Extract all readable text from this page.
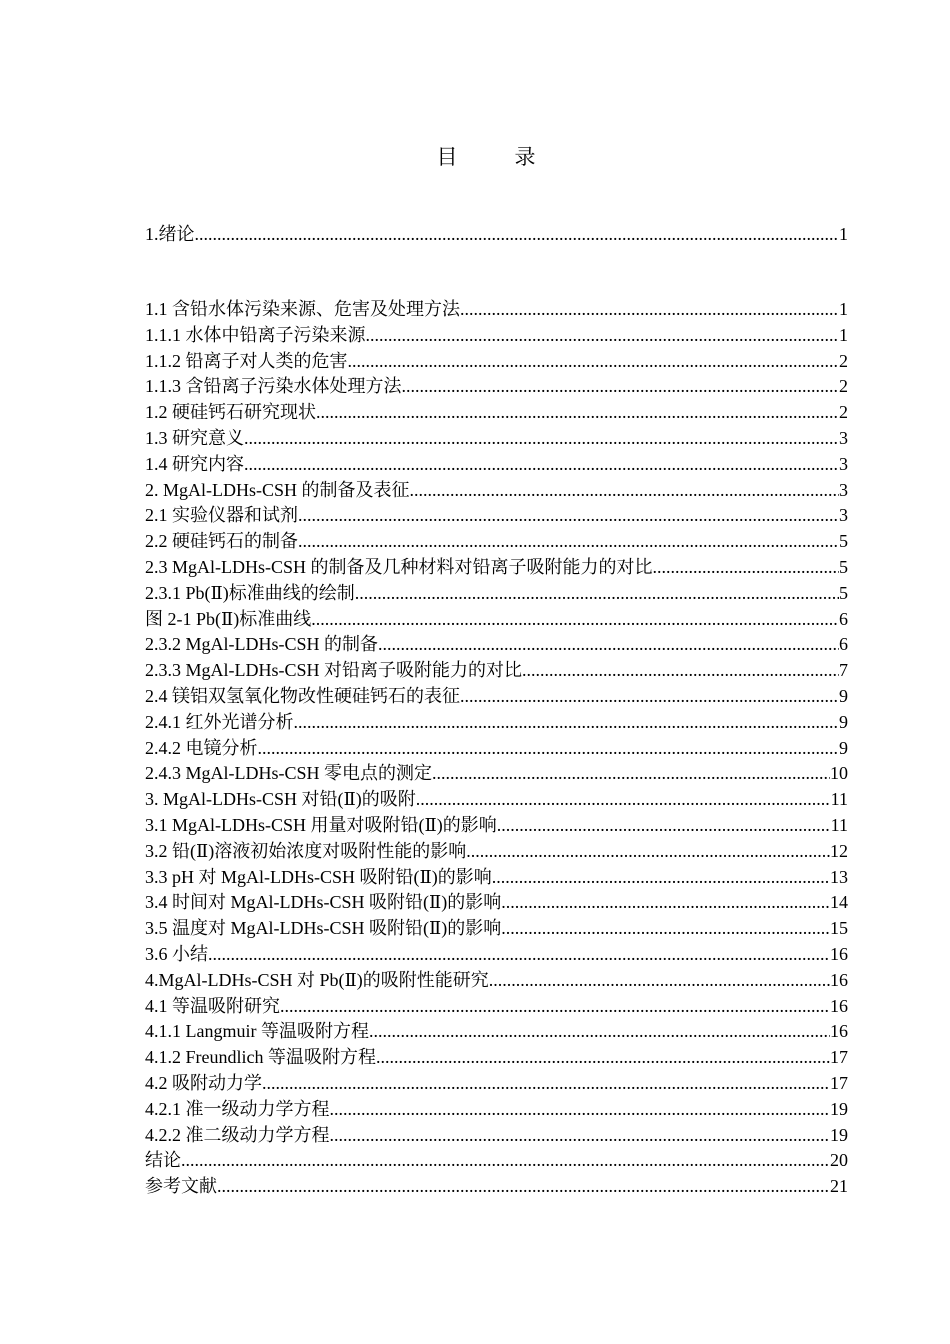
目　录
1.绪论 .....	1
1.1 含铅水体污染来源、危害及处理方法 .....	1
1.1.1 水体中铅离子污染来源 .....	1
1.1.2 铅离子对人类的危害 .....	2
1.1.3 含铅离子污染水体处理方法 .....	2
1.2 硬硅钙石研究现状 .....	2
1.3 研究意义 .....	3
1.4 研究内容 .....	3
2. MgAl-LDHs-CSH 的制备及表征 .....	3
2.1 实验仪器和试剂 .....	3
2.2 硬硅钙石的制备 .....	5
2.3 MgAl-LDHs-CSH 的制备及几种材料对铅离子吸附能力的对比 .....	5
2.3.1 Pb(Ⅱ)标准曲线的绘制 .....	5
图 2-1 Pb(Ⅱ)标准曲线 .....	6
2.3.2 MgAl-LDHs-CSH 的制备 .....	6
2.3.3 MgAl-LDHs-CSH 对铅离子吸附能力的对比 .....	7
2.4 镁铝双氢氧化物改性硬硅钙石的表征 .....	9
2.4.1 红外光谱分析 .....	9
2.4.2 电镜分析 .....	9
2.4.3 MgAl-LDHs-CSH 零电点的测定 .....	10
3. MgAl-LDHs-CSH 对铅(Ⅱ)的吸附 .....	11
3.1 MgAl-LDHs-CSH 用量对吸附铅(Ⅱ)的影响 .....	11
3.2 铅(Ⅱ)溶液初始浓度对吸附性能的影响 .....	12
3.3 pH 对 MgAl-LDHs-CSH 吸附铅(Ⅱ)的影响 .....	13
3.4 时间对 MgAl-LDHs-CSH 吸附铅(Ⅱ)的影响 .....	14
3.5 温度对 MgAl-LDHs-CSH 吸附铅(Ⅱ)的影响 .....	15
3.6 小结 .....	16
4.MgAl-LDHs-CSH 对 Pb(Ⅱ)的吸附性能研究 .....	16
4.1 等温吸附研究 .....	16
4.1.1 Langmuir 等温吸附方程 .....	16
4.1.2 Freundlich 等温吸附方程 .....	17
4.2 吸附动力学 .....	17
4.2.1 准一级动力学方程 .....	19
4.2.2 准二级动力学方程 .....	19
结论 .....	20
参考文献 .....	21
